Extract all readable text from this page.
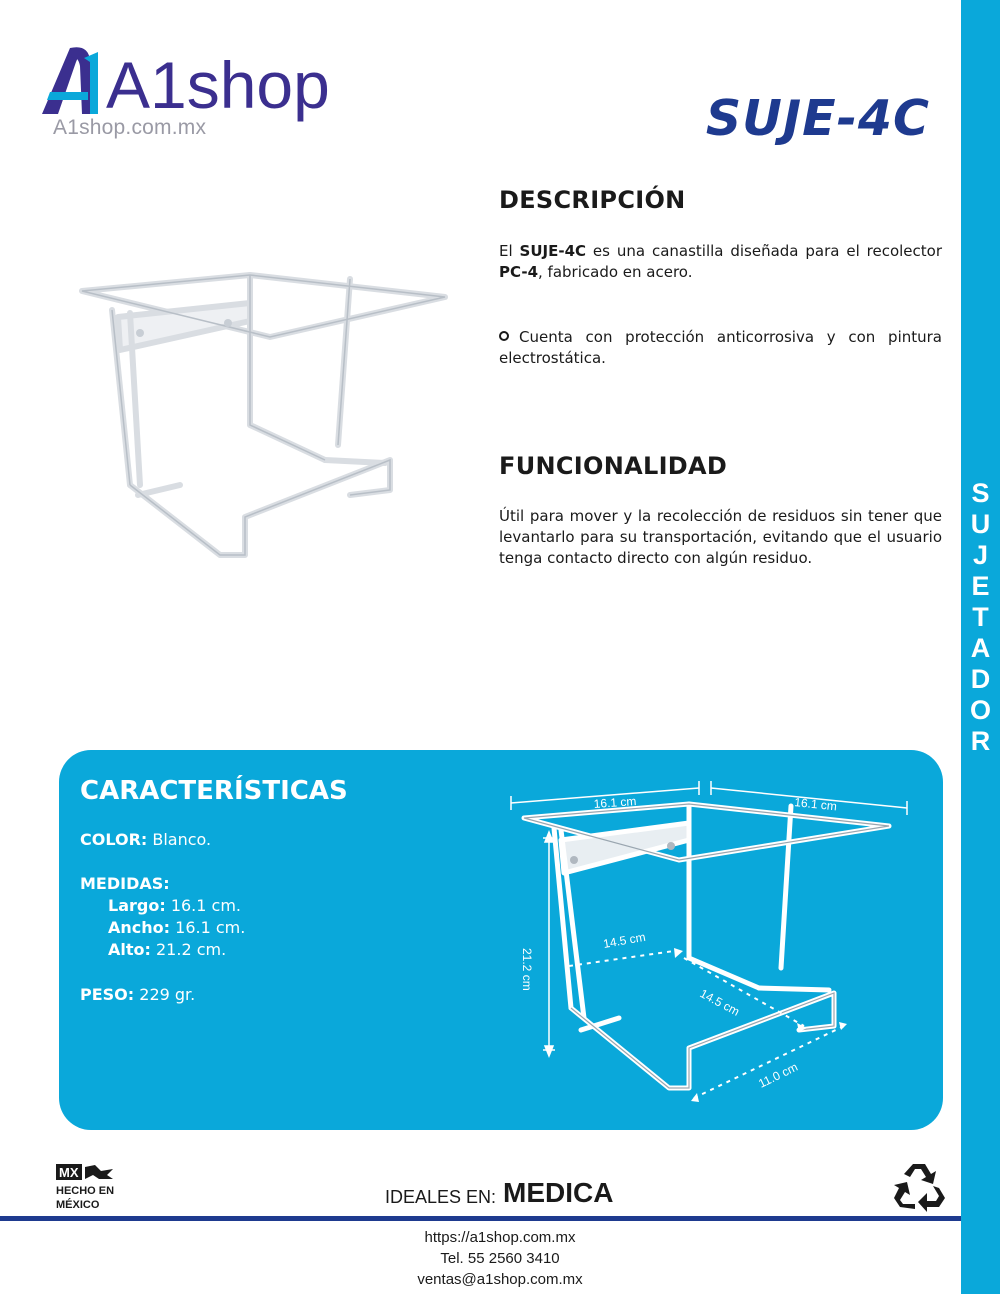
S
U
J
E
T
A
D
O
R
A1shop
A1shop.com.mx	SUJE-4C
DESCRIPCIÓN
El SUJE-4C es una canastilla diseñada para el recolector PC-4, fabricado en acero.
Cuenta con protección anticorrosiva y con pintura
electrostática.
FUNCIONALIDAD
Útil para mover y la recolección de residuos sin tener que levantarlo para su transportación, evitando que el usuario tenga contacto directo con algún residuo.
CARACTERÍSTICAS
COLOR: Blanco.
MEDIDAS:
Largo: 16.1 cm.
Ancho: 16.1 cm.
Alto: 21.2 cm.
PESO: 229 gr.
16.1 cm	16.1 cm
21.2 cm
14.5 cm
14.5 cm
11.0 cm
MX
HECHO EN
MÉXICO	IDEALES EN: MEDICA
https://a1shop.com.mx
Tel. 55 2560 3410
ventas@a1shop.com.mx
